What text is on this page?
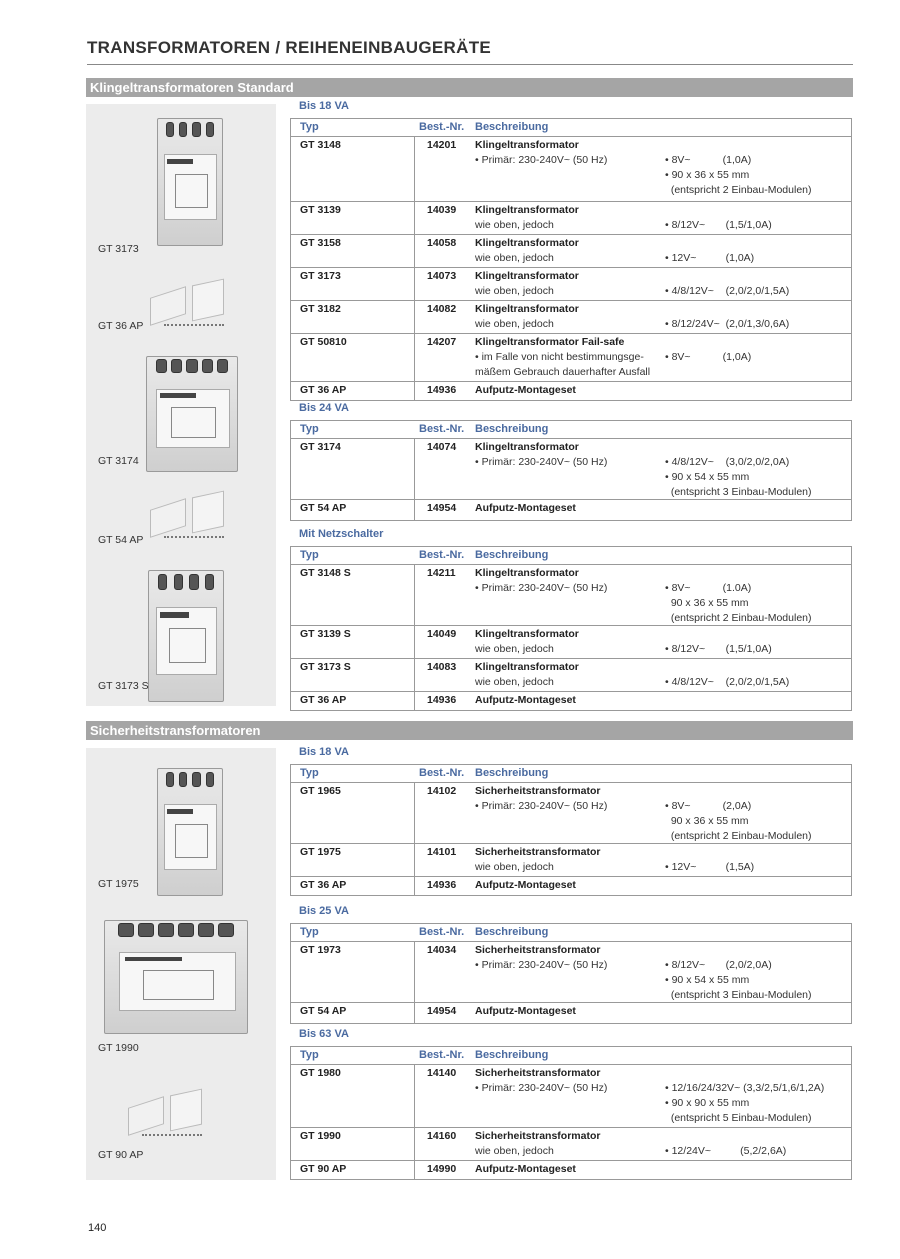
TRANSFORMATOREN / REIHENEINBAUGERÄTE
Klingeltransformatoren Standard
Sicherheitstransformatoren
GT 3173
GT 36 AP
GT 3174
GT 54 AP
GT 3173 S
GT 1975
GT 1990
GT 90 AP
Bis 18 VA
Typ	Best.-Nr. Beschreibung
GT 3148	14201 Klingeltransformator
• Primär: 230-240V~ (50 Hz)	• 8V~           (1,0A)
• 90 x 36 x 55 mm
(entspricht 2 Einbau-Modulen)
GT 3139	14039 Klingeltransformator
wie oben, jedoch	• 8/12V~       (1,5/1,0A)
GT 3158	14058 Klingeltransformator
wie oben, jedoch	• 12V~          (1,0A)
GT 3173	14073 Klingeltransformator
wie oben, jedoch	• 4/8/12V~    (2,0/2,0/1,5A)
GT 3182	14082 Klingeltransformator
wie oben, jedoch	• 8/12/24V~  (2,0/1,3/0,6A)
GT 50810	14207 Klingeltransformator Fail-safe
• im Falle von nicht bestimmungsge-
mäßem Gebrauch dauerhafter Ausfall
• 8V~           (1,0A)
GT 36 AP	14936 Aufputz-Montageset
Bis 24 VA
Typ	Best.-Nr. Beschreibung
GT 3174	14074 Klingeltransformator
• Primär: 230-240V~ (50 Hz)	• 4/8/12V~    (3,0/2,0/2,0A)
• 90 x 54 x 55 mm
(entspricht 3 Einbau-Modulen)
GT 54 AP	14954 Aufputz-Montageset
Mit Netzschalter
Typ	Best.-Nr. Beschreibung
GT 3148 S	14211 Klingeltransformator
• Primär: 230-240V~ (50 Hz)	• 8V~           (1.0A)
90 x 36 x 55 mm
(entspricht 2 Einbau-Modulen)
GT 3139 S	14049 Klingeltransformator
wie oben, jedoch	• 8/12V~       (1,5/1,0A)
GT 3173 S	14083 Klingeltransformator
wie oben, jedoch	• 4/8/12V~    (2,0/2,0/1,5A)
GT 36 AP	14936 Aufputz-Montageset
Bis 18 VA
Typ	Best.-Nr. Beschreibung
GT 1965	14102 Sicherheitstransformator
• Primär: 230-240V~ (50 Hz)	• 8V~           (2,0A)
90 x 36 x 55 mm
(entspricht 2 Einbau-Modulen)
GT 1975	14101 Sicherheitstransformator
wie oben, jedoch	• 12V~          (1,5A)
GT 36 AP	14936 Aufputz-Montageset
Bis 25 VA
Typ	Best.-Nr. Beschreibung
GT 1973	14034 Sicherheitstransformator
• Primär: 230-240V~ (50 Hz)	• 8/12V~       (2,0/2,0A)
• 90 x 54 x 55 mm
(entspricht 3 Einbau-Modulen)
GT 54 AP	14954 Aufputz-Montageset
Bis 63 VA
Typ	Best.-Nr. Beschreibung
GT 1980	14140 Sicherheitstransformator
• Primär: 230-240V~ (50 Hz)	• 12/16/24/32V~ (3,3/2,5/1,6/1,2A)
• 90 x 90 x 55 mm
(entspricht 5 Einbau-Modulen)
GT 1990	14160 Sicherheitstransformator
wie oben, jedoch	• 12/24V~          (5,2/2,6A)
GT 90 AP	14990 Aufputz-Montageset
140
